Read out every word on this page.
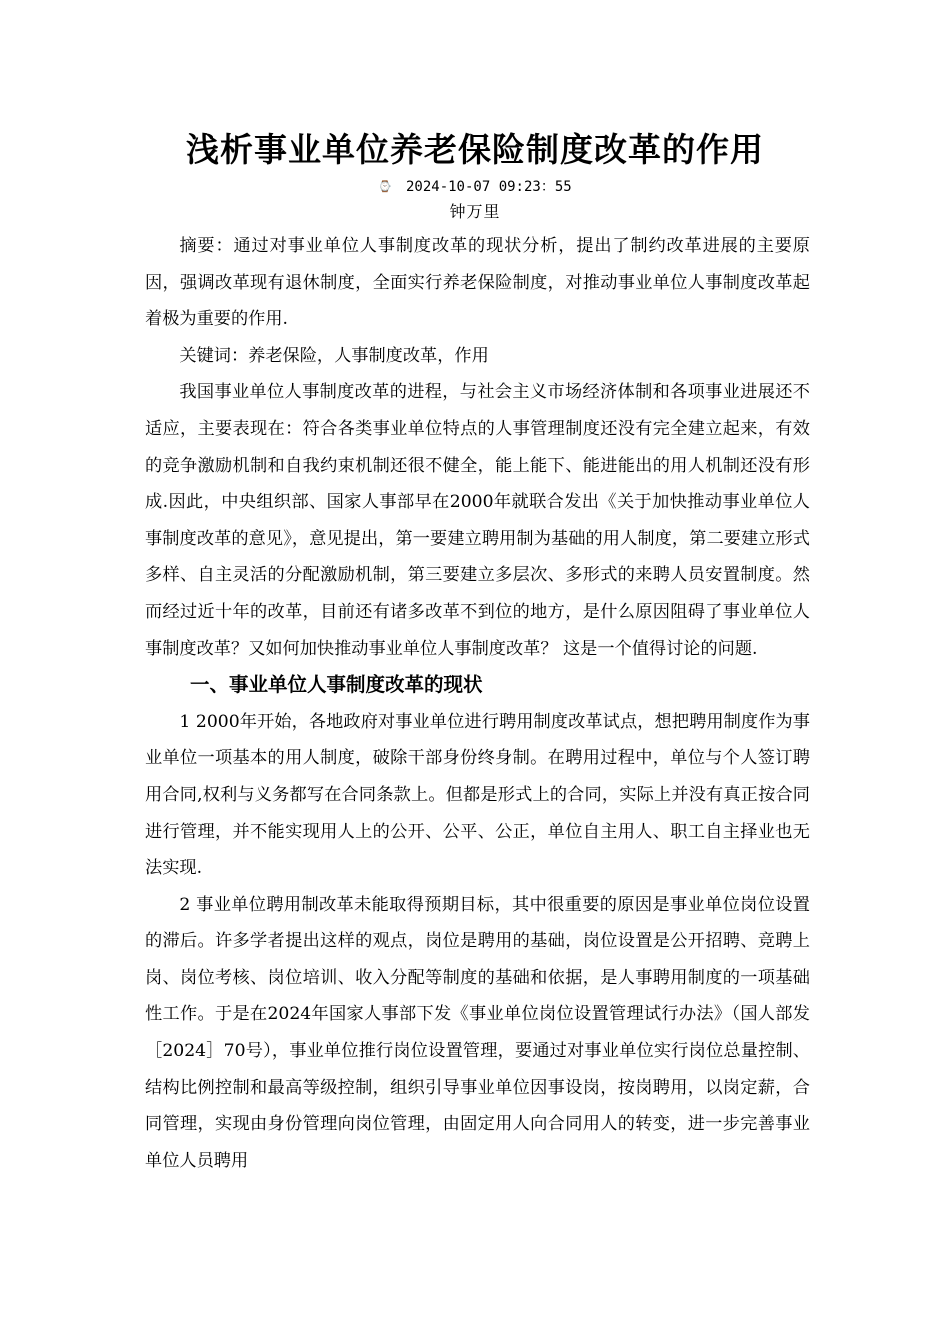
浅析事业单位养老保险制度改革的作用
⌚ 2024-10-07 09:23：55
钟万里

摘要：通过对事业单位人事制度改革的现状分析，提出了制约改革进展的主要原因，强调改革现有退休制度，全面实行养老保险制度，对推动事业单位人事制度改革起着极为重要的作用.

关键词：养老保险，人事制度改革，作用

我国事业单位人事制度改革的进程，与社会主义市场经济体制和各项事业进展还不适应，主要表现在：符合各类事业单位特点的人事管理制度还没有完全建立起来，有效的竞争激励机制和自我约束机制还很不健全，能上能下、能进能出的用人机制还没有形成.因此，中央组织部、国家人事部早在2000年就联合发出《关于加快推动事业单位人事制度改革的意见》，意见提出，第一要建立聘用制为基础的用人制度，第二要建立形式多样、自主灵活的分配激励机制，第三要建立多层次、多形式的来聘人员安置制度。然而经过近十年的改革，目前还有诸多改革不到位的地方，是什么原因阻碍了事业单位人事制度改革？又如何加快推动事业单位人事制度改革？ 这是一个值得讨论的问题.

一、事业单位人事制度改革的现状

1 2000年开始，各地政府对事业单位进行聘用制度改革试点，想把聘用制度作为事业单位一项基本的用人制度，破除干部身份终身制。在聘用过程中，单位与个人签订聘用合同,权利与义务都写在合同条款上。但都是形式上的合同，实际上并没有真正按合同进行管理，并不能实现用人上的公开、公平、公正，单位自主用人、职工自主择业也无法实现.

2 事业单位聘用制改革未能取得预期目标，其中很重要的原因是事业单位岗位设置的滞后。许多学者提出这样的观点，岗位是聘用的基础，岗位设置是公开招聘、竞聘上岗、岗位考核、岗位培训、收入分配等制度的基础和依据，是人事聘用制度的一项基础性工作。于是在2024年国家人事部下发《事业单位岗位设置管理试行办法》（国人部发［2024］70号），事业单位推行岗位设置管理，要通过对事业单位实行岗位总量控制、结构比例控制和最高等级控制，组织引导事业单位因事设岗，按岗聘用，以岗定薪，合同管理，实现由身份管理向岗位管理，由固定用人向合同用人的转变，进一步完善事业单位人员聘用
